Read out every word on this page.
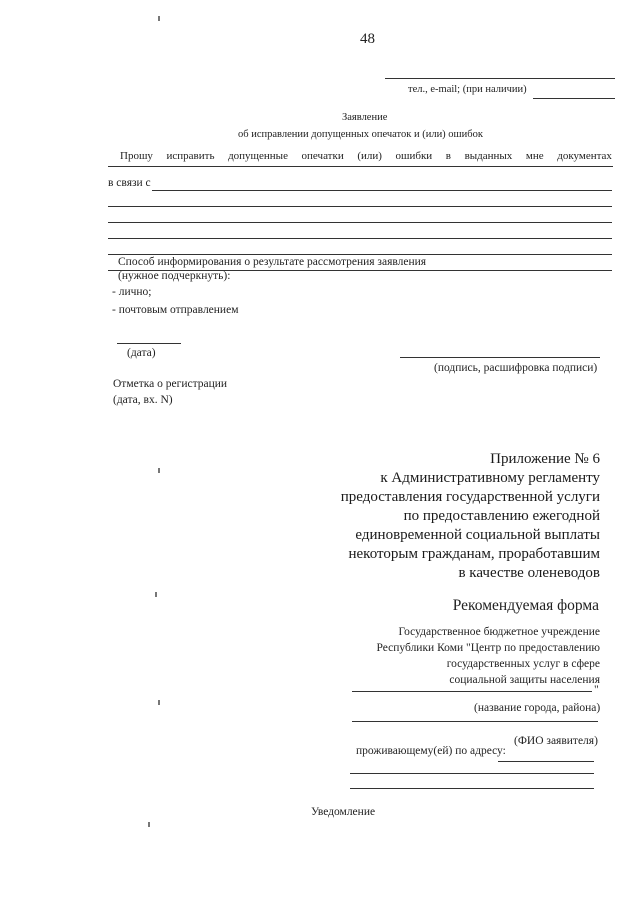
48
тел., e-mail; (при наличии)
Заявление
об исправлении допущенных опечаток и (или) ошибок
Прошу исправить допущенные опечатки (или) ошибки в выданных мне документах
в связи с
Способ информирования о результате рассмотрения заявления
(нужное подчеркнуть):
- лично;
- почтовым отправлением
(дата)
(подпись, расшифровка подписи)
Отметка о регистрации
(дата, вх. N)
Приложение № 6
к Административному регламенту
предоставления государственной услуги
по предоставлению ежегодной
единовременной социальной выплаты
некоторым гражданам, проработавшим
в качестве оленеводов
Рекомендуемая форма
Государственное бюджетное учреждение
Республики Коми "Центр по предоставлению
государственных услуг в сфере
социальной защиты населения
"
(название города, района)
(ФИО заявителя)
проживающему(ей) по адресу:
Уведомление
